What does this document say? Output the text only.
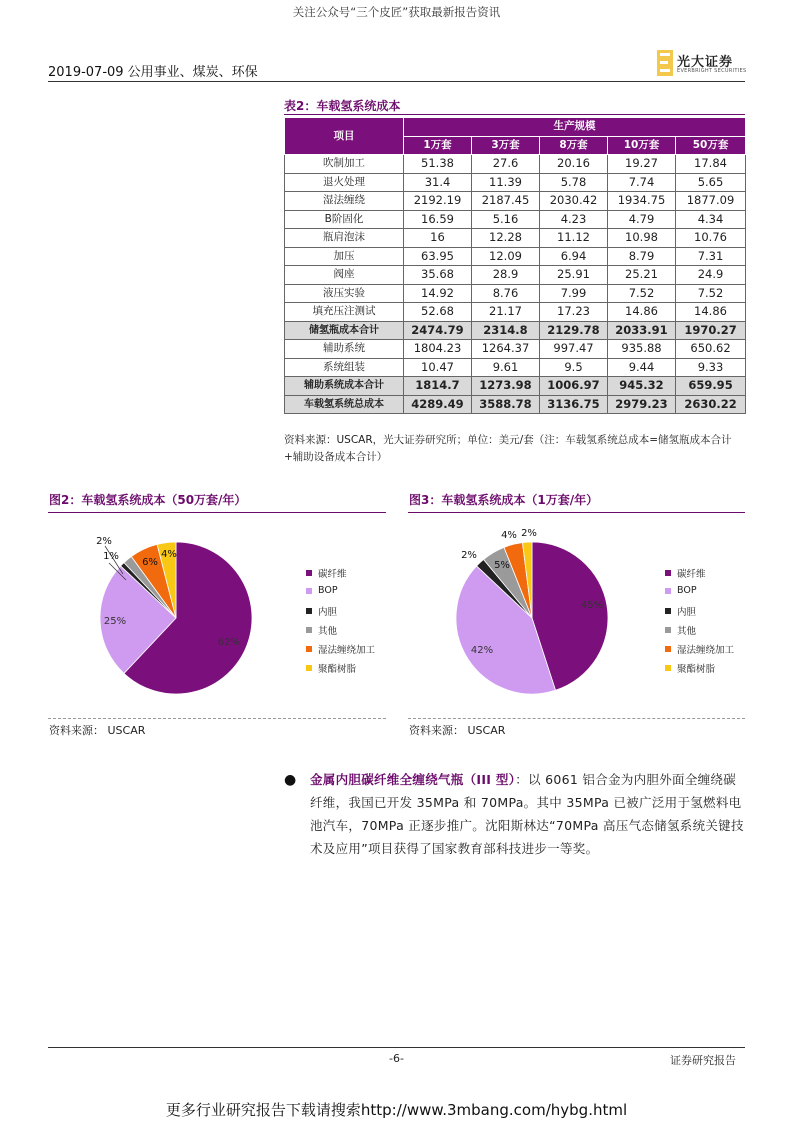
关注公众号“三个皮匠”获取最新报告资讯
2019-07-09 公用事业、煤炭、环保
光大证券
EVERBRIGHT SECURITIES
表2：车载氢系统成本
项目	生产规模				
	1万套	3万套	8万套	10万套	50万套
吹制加工	51.38	27.6	20.16	19.27	17.84
退火处理	31.4	11.39	5.78	7.74	5.65
湿法缠绕	2192.19	2187.45	2030.42	1934.75	1877.09
B阶固化	16.59	5.16	4.23	4.79	4.34
瓶肩泡沫	16	12.28	11.12	10.98	10.76
加压	63.95	12.09	6.94	8.79	7.31
阀座	35.68	28.9	25.91	25.21	24.9
液压实验	14.92	8.76	7.99	7.52	7.52
填充压注测试	52.68	21.17	17.23	14.86	14.86
储氢瓶成本合计	2474.79	2314.8	2129.78	2033.91	1970.27
辅助系统	1804.23	1264.37	997.47	935.88	650.62
系统组装	10.47	9.61	9.5	9.44	9.33
辅助系统成本合计	1814.7	1273.98	1006.97	945.32	659.95
车载氢系统总成本	4289.49	3588.78	3136.75	2979.23	2630.22
资料来源：USCAR，光大证券研究所；单位：美元/套（注：车载氢系统总成本=储氢瓶成本合计+辅助设备成本合计）
图2：车载氢系统成本（50万套/年）
62%
25%
1%
2%
6%
4%
碳纤维
BOP
内胆
其他
湿法缠绕加工
聚酯树脂
资料来源： USCAR
图3：车载氢系统成本（1万套/年）
45%
42%
2%
5%
4% 2%
碳纤维
BOP
内胆
其他
湿法缠绕加工
聚酯树脂
资料来源： USCAR
● 金属内胆碳纤维全缠绕气瓶（III 型）：以 6061 铝合金为内胆外面全缠绕碳纤维，我国已开发 35MPa 和 70MPa。其中 35MPa 已被广泛用于氢燃料电池汽车，70MPa 正逐步推广。沈阳斯林达“70MPa 高压气态储氢系统关键技术及应用”项目获得了国家教育部科技进步一等奖。
-6-	证券研究报告
更多行业研究报告下载请搜索http://www.3mbang.com/hybg.html
